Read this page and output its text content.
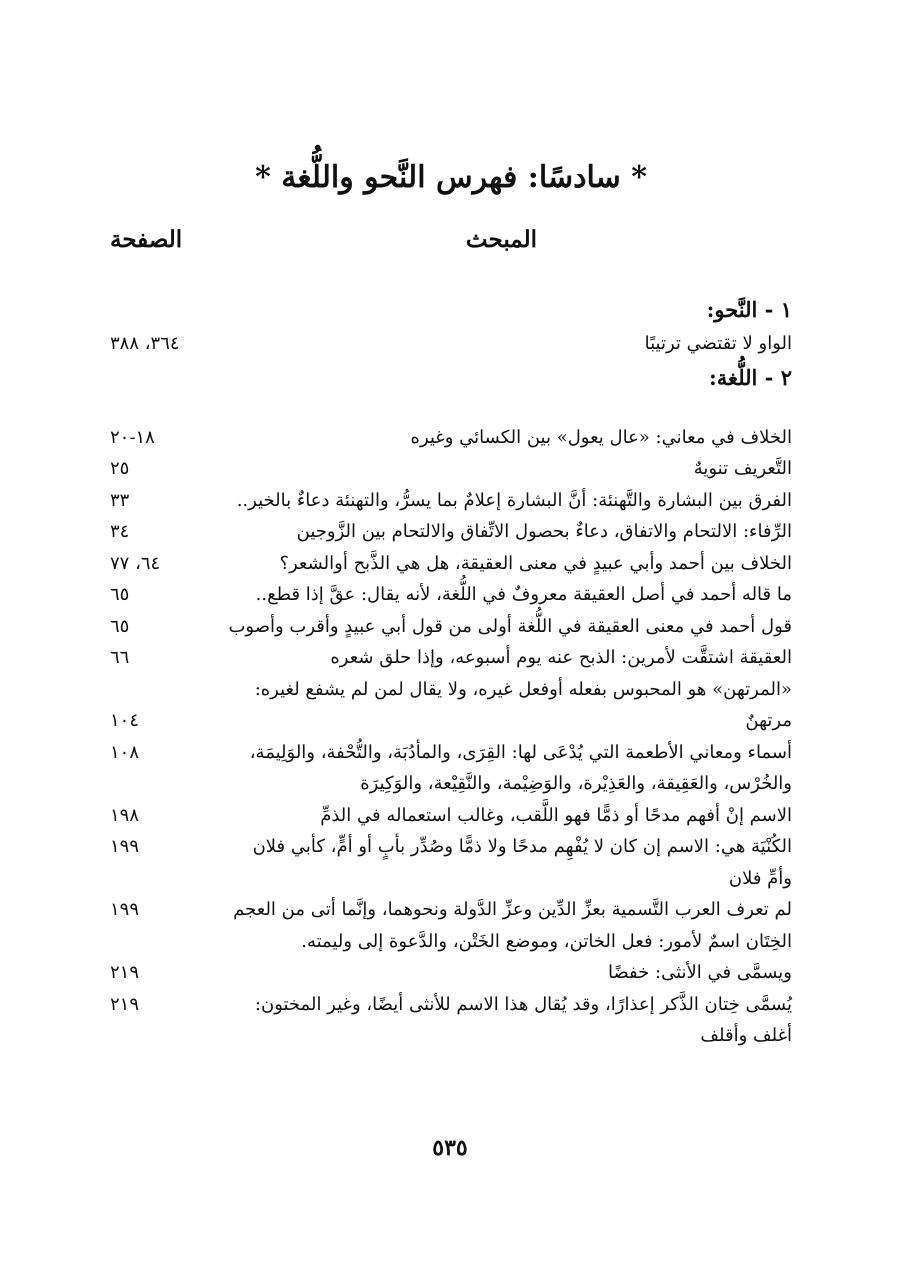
* سادسًا: فهرس النَّحو واللُّغة *
المبحث
الصفحة
١ - النَّحو:
الواو لا تقتضي ترتيبًا
٣٦٤، ٣٨٨
٢ - اللُّغة:
الخلاف في معاني: «عال يعول» بين الكسائي وغيره
١٨-٢٠
التَّعريف تنويهٌ
٢٥
الفرق بين البشارة والتَّهنئة: أنَّ البشارة إعلامٌ بما يسرُّ، والتهنئة دعاءٌ بالخير..
٣٣
الرِّفاء: الالتحام والاتفاق، دعاءٌ بحصول الاتِّفاق والالتحام بين الزَّوجين
٣٤
الخلاف بين أحمد وأبي عبيدٍ في معنى العقيقة، هل هي الذَّبح أوالشعر؟
٦٤، ٧٧
ما قاله أحمد في أصل العقيقة معروفٌ في اللُّغة، لأنه يقال: عقَّ إذا قطع..
٦٥
قول أحمد في معنى العقيقة في اللُّغة أولى من قول أبي عبيدٍ وأقرب وأصوب
٦٥
العقيقة اشتقَّت لأمرين: الذبح عنه يوم أسبوعه، وإذا حلق شعره
٦٦
«المرتهن» هو المحبوس بفعله أوفعل غيره، ولا يقال لمن لم يشفع لغيره:
مرتهنٌ
١٠٤
أسماء ومعاني الأطعمة التي يُدْعَى لها: القِرَى، والمأدُبَة، والتُّحْفة، والوَلِيمَة،
والخُرْس، والعَقِيقة، والعَذِيْرة، والوَضِيْمة، والنَّقِيْعة، والوَكِيرَة
١٠٨
الاسم إنْ أفهم مدحًا أو ذمًّا فهو اللَّقب، وغالب استعماله في الذمِّ
١٩٨
الكُنْيَة هي: الاسم إن كان لا يُفْهِم مدحًا ولا ذمًّا وصُدِّر بأبٍ أو أمٍّ، كأبي فلان
وأمِّ فلان
١٩٩
لم تعرف العرب التَّسمية بعزِّ الدِّين وعزِّ الدَّولة ونحوهما، وإنَّما أتى من العجم
١٩٩
الخِتَان اسمٌ لأمور: فعل الخاتن، وموضع الخَتْن، والدَّعوة إلى وليمته.
ويسمَّى في الأنثى: خفضًا
٢١٩
يُسمَّى خِتان الذَّكر إعذارًا، وقد يُقال هذا الاسم للأنثى أيضًا، وغير المختون:
أغلف وأقلف
٢١٩
٥٣٥
